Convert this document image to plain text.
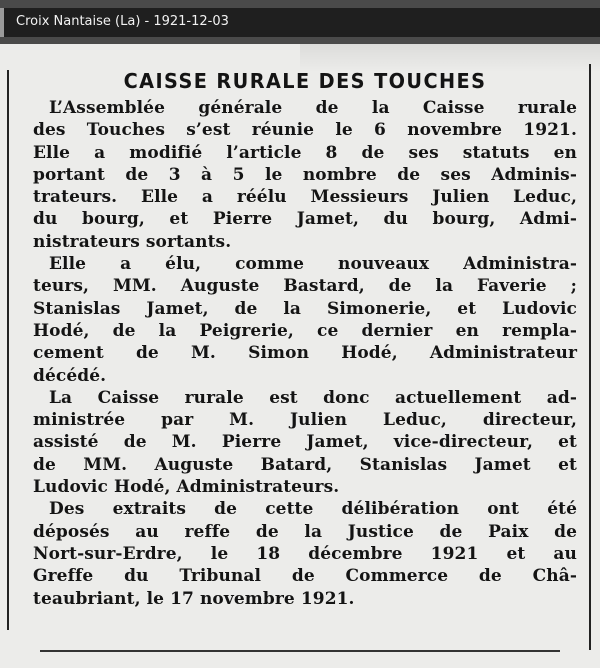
Croix Nantaise (La) - 1921-12-03
CAISSE RURALE DES TOUCHES
L’Assemblée générale de la Caisse rurale
des Touches s’est réunie le 6 novembre 1921.
Elle a modifié l’article 8 de ses statuts en
portant de 3 à 5 le nombre de ses Adminis-
trateurs. Elle a réélu Messieurs Julien Leduc,
du bourg, et Pierre Jamet, du bourg, Admi-
nistrateurs sortants.
Elle a élu, comme nouveaux Administra-
teurs, MM. Auguste Bastard, de la Faverie ;
Stanislas Jamet, de la Simonerie, et Ludovic
Hodé, de la Peigrerie, ce dernier en rempla-
cement de M. Simon Hodé, Administrateur
décédé.
La Caisse rurale est donc actuellement ad-
ministrée par M. Julien Leduc, directeur,
assisté de M. Pierre Jamet, vice-directeur, et
de MM. Auguste Batard, Stanislas Jamet et
Ludovic Hodé, Administrateurs.
Des extraits de cette délibération ont été
déposés au reffe de la Justice de Paix de
Nort-sur-Erdre, le 18 décembre 1921 et au
Greffe du Tribunal de Commerce de Châ-
teaubriant, le 17 novembre 1921.
